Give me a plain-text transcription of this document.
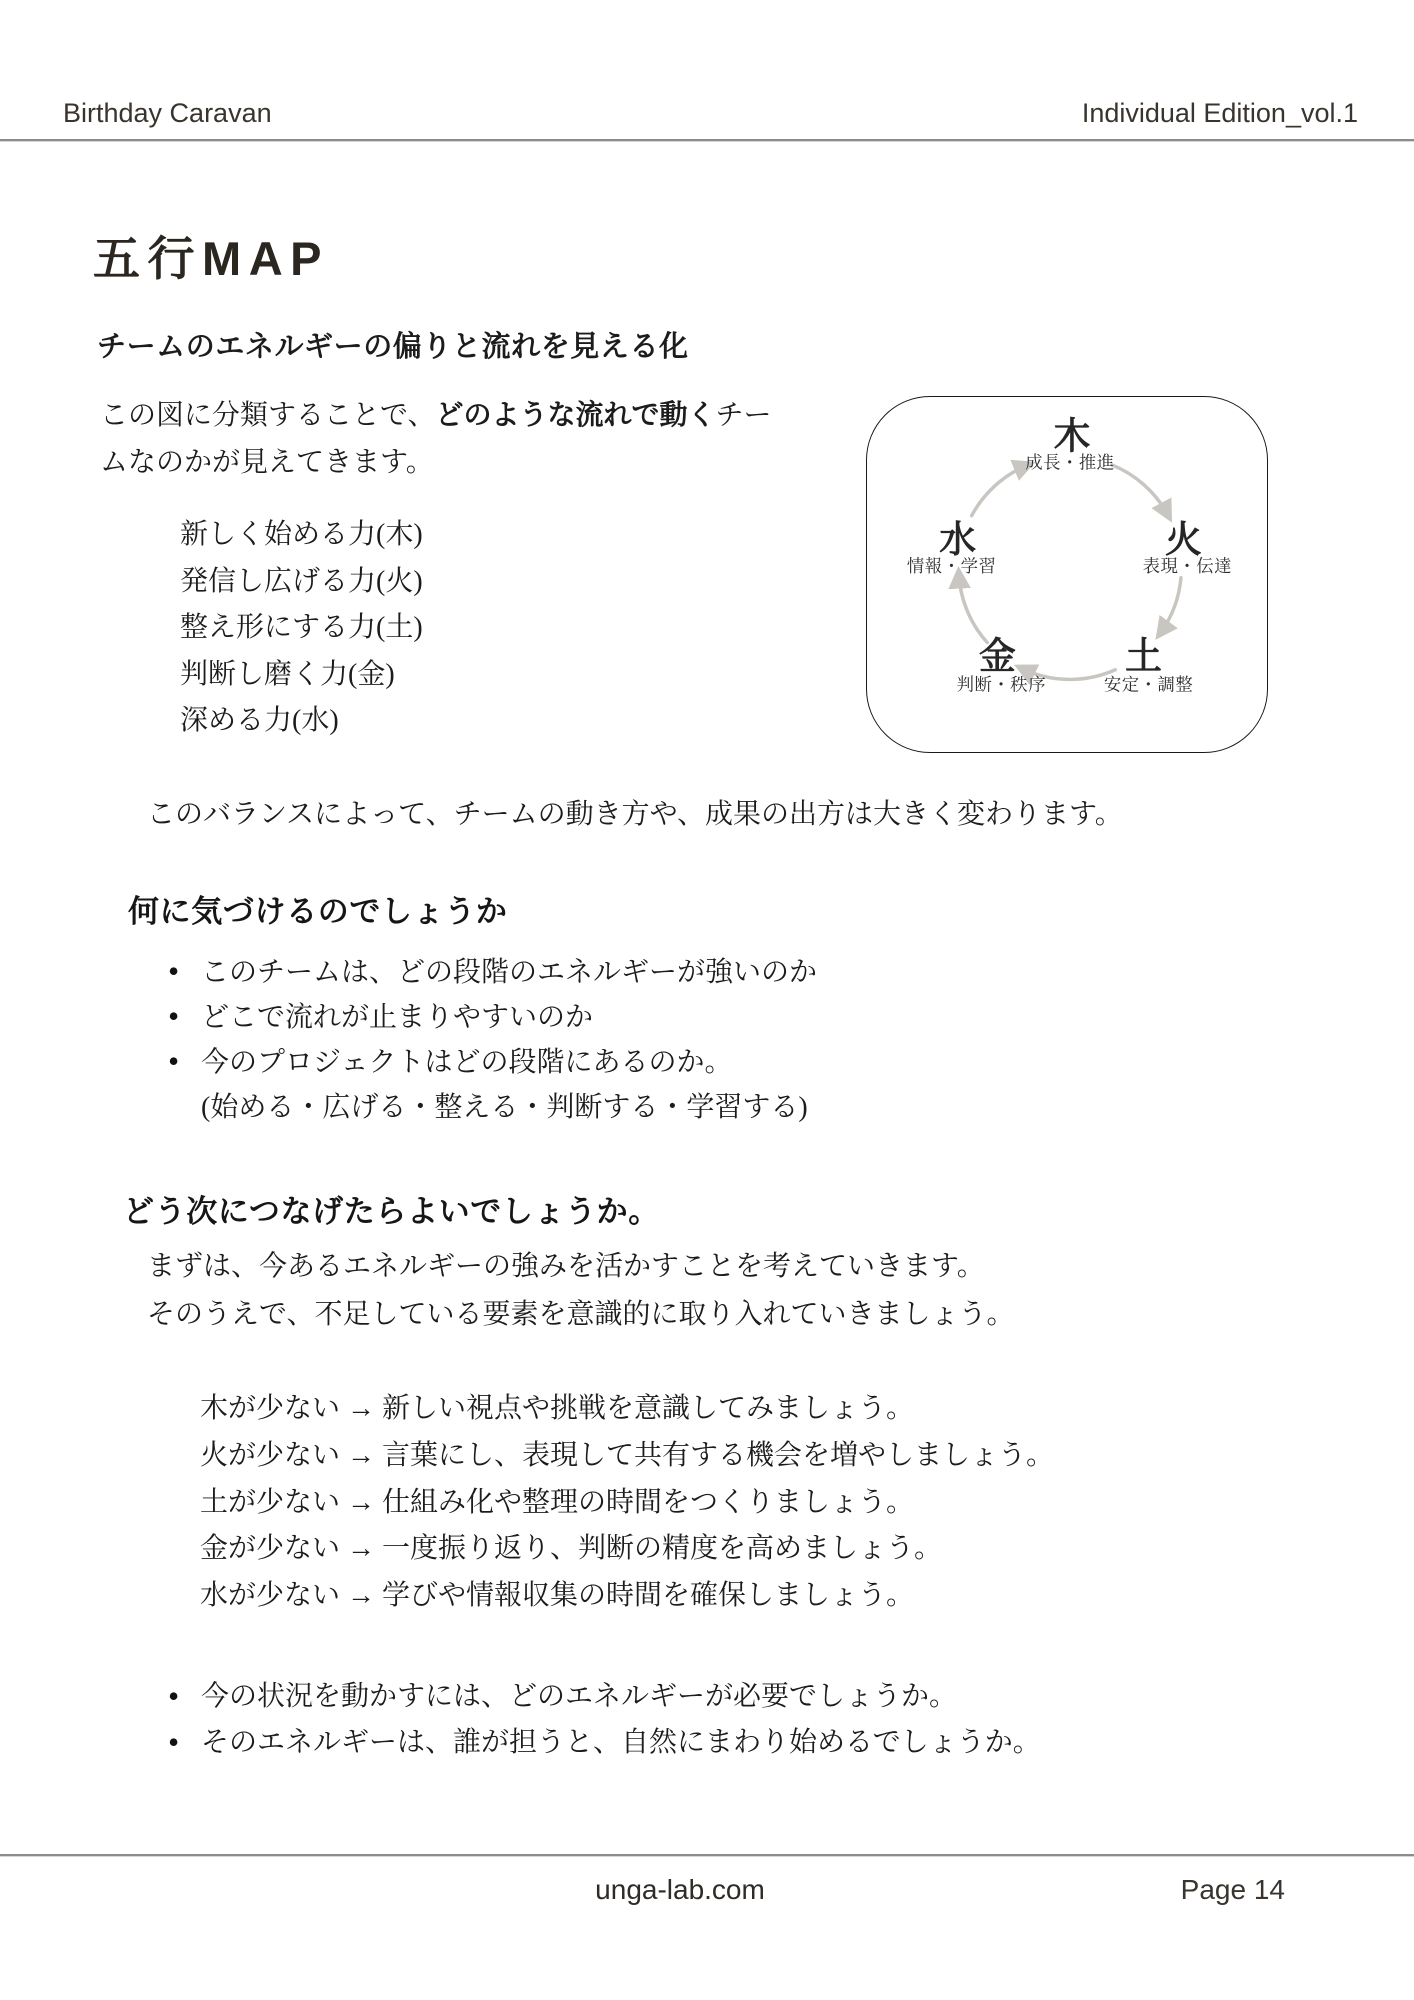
Birthday Caravan	Individual Edition_vol.1
五行MAP
チームのエネルギーの偏りと流れを見える化

この図に分類することで、どのような流れで動くチー
ムなのかが見えてきます。

新しく始める力(木)
発信し広げる力(火)
整え形にする力(土)
判断し磨く力(金)
深める力(水)
木
成長・推進
火
表現・伝達
土
安定・調整
金
判断・秩序
水
情報・学習

このバランスによって、チームの動き方や、成果の出方は大きく変わります。

何に気づけるのでしょうか
• このチームは、どの段階のエネルギーが強いのか
• どこで流れが止まりやすいのか
• 今のプロジェクトはどの段階にあるのか。
(始める・広げる・整える・判断する・学習する)
どう次につなげたらよいでしょうか。
まずは、今あるエネルギーの強みを活かすことを考えていきます。
そのうえで、不足している要素を意識的に取り入れていきましょう。
木が少ない → 新しい視点や挑戦を意識してみましょう。
火が少ない → 言葉にし、表現して共有する機会を増やしましょう。
土が少ない → 仕組み化や整理の時間をつくりましょう。
金が少ない → 一度振り返り、判断の精度を高めましょう。
水が少ない → 学びや情報収集の時間を確保しましょう。
• 今の状況を動かすには、どのエネルギーが必要でしょうか。
• そのエネルギーは、誰が担うと、自然にまわり始めるでしょうか。
unga-lab.com	Page 14
